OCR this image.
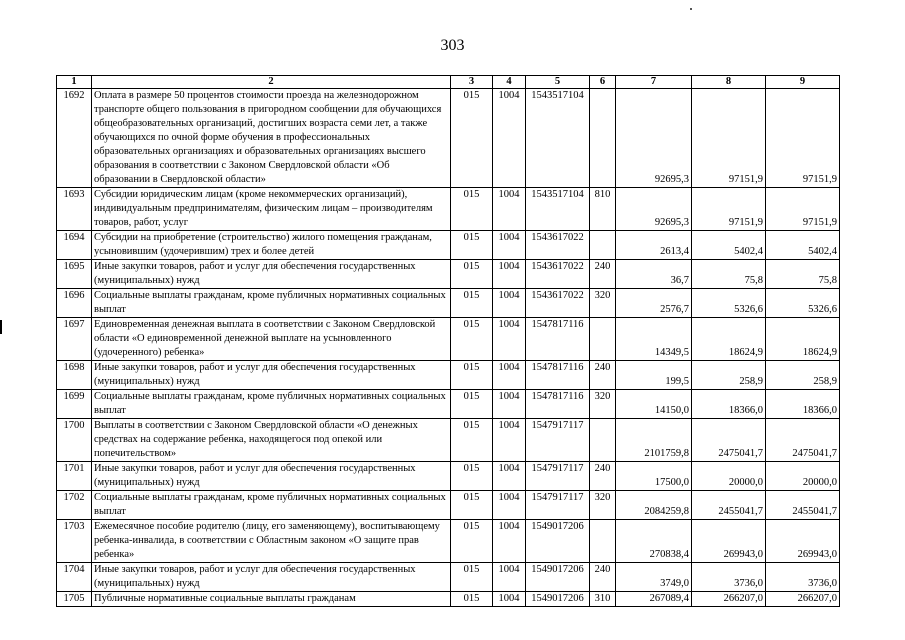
303
1	2	3	4	5	6	7	8	9
1692	Оплата в размере 50 процентов стоимости проезда на железнодорожном транспорте общего пользования в пригородном сообщении для обучающихся общеобразовательных организаций, достигших возраста семи лет, а также обучающихся по очной форме обучения в профессиональных образовательных организациях и образовательных организациях высшего образования в соответствии с Законом Свердловской области «Об образовании в Свердловской области»	015	1004	1543517104		92695,3	97151,9	97151,9
1693	Субсидии юридическим лицам (кроме некоммерческих организаций), индивидуальным предпринимателям, физическим лицам – производителям товаров, работ, услуг	015	1004	1543517104	810	92695,3	97151,9	97151,9
1694	Субсидии на приобретение (строительство) жилого помещения гражданам, усыновившим (удочерившим) трех и более детей	015	1004	1543617022		2613,4	5402,4	5402,4
1695	Иные закупки товаров, работ и услуг для обеспечения государственных (муниципальных) нужд	015	1004	1543617022	240	36,7	75,8	75,8
1696	Социальные выплаты гражданам, кроме публичных нормативных социальных выплат	015	1004	1543617022	320	2576,7	5326,6	5326,6
1697	Единовременная денежная выплата в соответствии с Законом Свердловской области «О единовременной денежной выплате на усыновленного (удочеренного) ребенка»	015	1004	1547817116		14349,5	18624,9	18624,9
1698	Иные закупки товаров, работ и услуг для обеспечения государственных (муниципальных) нужд	015	1004	1547817116	240	199,5	258,9	258,9
1699	Социальные выплаты гражданам, кроме публичных нормативных социальных выплат	015	1004	1547817116	320	14150,0	18366,0	18366,0
1700	Выплаты в соответствии с Законом Свердловской области «О денежных средствах на содержание ребенка, находящегося под опекой или попечительством»	015	1004	1547917117		2101759,8	2475041,7	2475041,7
1701	Иные закупки товаров, работ и услуг для обеспечения государственных (муниципальных) нужд	015	1004	1547917117	240	17500,0	20000,0	20000,0
1702	Социальные выплаты гражданам, кроме публичных нормативных социальных выплат	015	1004	1547917117	320	2084259,8	2455041,7	2455041,7
1703	Ежемесячное пособие родителю (лицу, его заменяющему), воспитывающему ребенка-инвалида, в соответствии с Областным законом «О защите прав ребенка»	015	1004	1549017206		270838,4	269943,0	269943,0
1704	Иные закупки товаров, работ и услуг для обеспечения государственных (муниципальных) нужд	015	1004	1549017206	240	3749,0	3736,0	3736,0
1705	Публичные нормативные социальные выплаты гражданам	015	1004	1549017206	310	267089,4	266207,0	266207,0
